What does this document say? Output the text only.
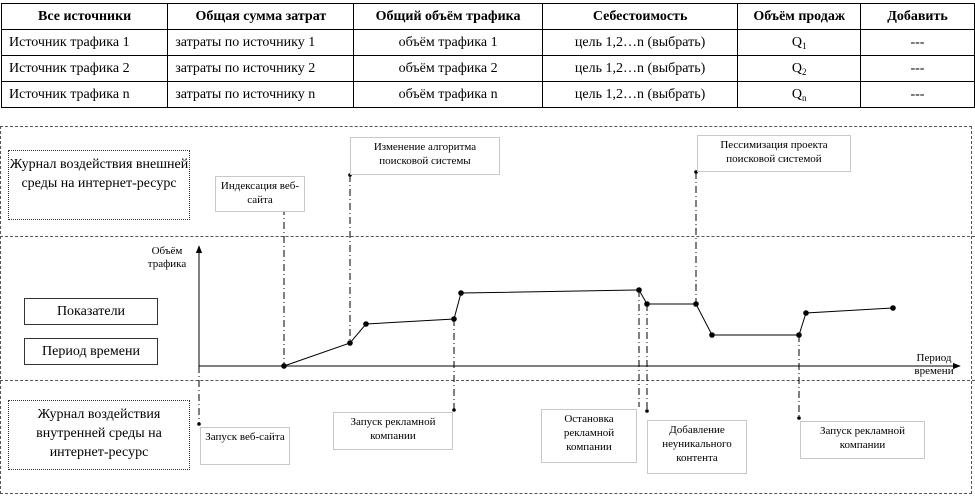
Все источники	Общая сумма затрат	Общий объём трафика	Себестоимость	Объём продаж	Добавить
Источник трафика 1	затраты по источнику 1	объём трафика 1	цель 1,2…n (выбрать)	$Q_1$	---
Источник трафика 2	затраты по источнику 2	объём трафика 2	цель 1,2…n (выбрать)	$Q_2$	---
Источник трафика n	затраты по источнику n	объём трафика n	цель 1,2…n (выбрать)	$Q_n$	---
Журнал воздействия внешней среды на интернет-ресурс
Журнал воздействия внутренней среды на интернет-ресурс
Показатели
Период времени
Объём трафика
Период времени
Индексация веб-сайта
Изменение алгоритма поисковой системы
Пессимизация проекта поисковой системой
Запуск веб-сайта
Запуск рекламной компании
Остановка рекламной компании
Добавление неуникального контента
Запуск рекламной компании
